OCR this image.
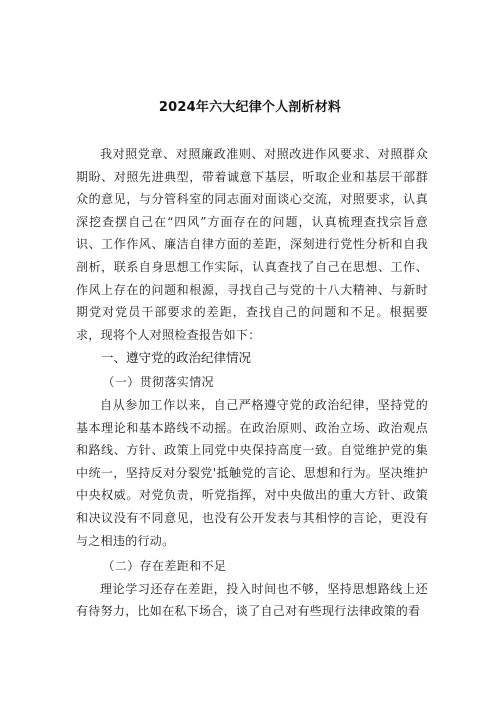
2024年六大纪律个人剖析材料

我对照党章、对照廉政准则、对照改进作风要求、对照群众期盼、对照先进典型，带着诚意下基层，听取企业和基层干部群众的意见，与分管科室的同志面对面谈心交流，对照要求，认真深挖查摆自己在“四风”方面存在的问题，认真梳理查找宗旨意识、工作作风、廉洁自律方面的差距，深刻进行党性分析和自我剖析，联系自身思想工作实际，认真查找了自己在思想、工作、作风上存在的问题和根源，寻找自己与党的十八大精神、与新时期党对党员干部要求的差距，查找自己的问题和不足。根据要求，现将个人对照检查报告如下：

一、遵守党的政治纪律情况
（一）贯彻落实情况

自从参加工作以来，自己严格遵守党的政治纪律，坚持党的基本理论和基本路线不动摇。在政治原则、政治立场、政治观点和路线、方针、政策上同党中央保持高度一致。自觉维护党的集中统一，坚持反对分裂党'抵触党的言论、思想和行为。坚决维护中央权威。对党负责，听党指挥，对中央做出的重大方针、政策和决议没有不同意见，也没有公开发表与其相悖的言论，更没有与之相违的行动。

（二）存在差距和不足

理论学习还存在差距，投入时间也不够，坚持思想路线上还有待努力，比如在私下场合，谈了自己对有些现行法律政策的看
